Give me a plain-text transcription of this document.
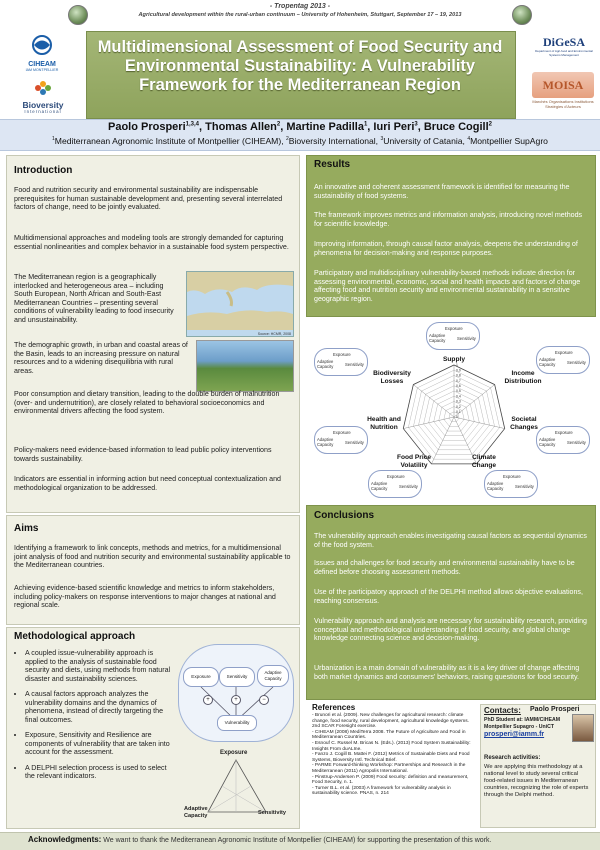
- Tropentag 2013 -
Agricultural development within the rural-urban continuum – University of Hohenheim, Stuttgart, September 17 – 19, 2013
Multidimensional Assessment of Food Security and Environmental Sustainability: A Vulnerability Framework for the Mediterranean Region
CIHEAM
IAM MONTPELLIER
Bioversity
International
DiGeSA
Department of Agri-food and Environmental Systems Management
MOISA
Marchés Organisations Institutions Stratégies d'Acteurs
Paolo Prosperi$^{1,3,4}$, Thomas Allen$^2$, Martine Padilla$^1$, Iuri Peri$^3$, Bruce Cogill$^2$
$^1$Mediterranean Agronomic Institute of Montpellier (CIHEAM), $^2$Bioversity International, $^3$University of Catania, $^4$Montpellier SupAgro
Introduction
Food and nutrition security and environmental sustainability are indispensable prerequisites for human sustainable development and, presenting several interrelated factors of change, need to be jointly evaluated.
Multidimensional approaches and modeling tools are strongly demanded for capturing essential nonlinearities and complex behavior in a sustainable food system perspective.
The Mediterranean region is a geographically interlocked and heterogeneous area – including South European, North African and South-East Mediterranean Countries – presenting several conditions of vulnerability leading to food insecurity and unsustainability.
Source: HCMR, 2008
The demographic growth, in urban and coastal areas of the Basin, leads to an increasing pressure on natural resources and to a widening disequilibria with rural areas.
Poor consumption and dietary transition, leading to the double burden of malnutrition (over- and undernutrition), are closely related to behavioral socioeconomics and environmental drivers affecting the food system.
Policy-makers need evidence-based information to lead public policy interventions towards sustainability.
Indicators are essential in informing action but need conceptual contextualization and methodological organization to be addressed.
Aims
Identifying a framework to link concepts, methods and metrics, for a multidimensional joint analysis of food and nutrition security and environmental sustainability applicable to the Mediterranean countries.
Achieving evidence-based scientific knowledge and metrics to inform stakeholders, including policy-makers on response interventions to major changes at national and regional scale.
Methodological approach
• A coupled issue-vulnerability approach is applied to the analysis of sustainable food security and diets, using methods from natural disaster and sustainability sciences.
• A causal factors approach analyzes the vulnerability domains and the dynamics of phenomena, instead of directly targeting the final outcomes.
• Exposure, Sensitivity and Resilience are components of vulnerability that are taken into account for the assessment.
• A DELPHI selection process is used to select the relevant indicators.
Exposure	Sensitivity
Adaptive Capacity
+	+	−
Vulnerability
Exposure
Adaptive Capacity	Sensitivity
Results
An innovative and coherent assessment framework is identified for measuring the sustainability of food systems.
The framework improves metrics and information analysis, introducing novel methods for scientific knowledge.
Improving information, through causal factor analysis, deepens the understanding of phenomena for decision-making and response purposes.
Participatory and multidisciplinary vulnerability-based methods indicate direction for assessing environmental, economic, social and health impacts and factors of change affecting food and nutrition security and environmental sustainability in a sensitive geographic region.
0
0,1
0,2
0,3
0,4
0,5
0,6
0,7
0,8
0,9
1
Supply
Income Distribution
Societal Changes
Climate Change
Food Price Volatility
Health and Nutrition
Biodiversity Losses
Exposure
Adaptive Capacity	Sensitivity
Exposure
Adaptive Capacity	Sensitivity
Exposure
Adaptive Capacity	Sensitivity
Exposure
Adaptive Capacity	Sensitivity
Exposure
Adaptive Capacity	Sensitivity
Exposure
Adaptive Capacity	Sensitivity
Exposure
Adaptive Capacity	Sensitivity
Conclusions
The vulnerability approach enables investigating causal factors as sequential dynamics of the food system.
Issues and challenges for food security and environmental sustainability have to be defined before choosing assessment methods.
Use of the participatory approach of the DELPHI method allows objective evaluations, reaching consensus.
Vulnerability approach and analysis are necessary for sustainability research, providing conceptual and methodological understanding of food security, and global change knowledge connecting science and decision-making.
Urbanization is a main domain of vulnerability as it is a key driver of change affecting both market dynamics and consumers' behaviors, raising questions for food security.
References
- Brunori et al. (2009). New challenges for agricultural research: climate change, food security, rural development, agricultural knowledge systems. 2nd SCAR Foresight exercise.
- CIHEAM (2008) MediTerra 2008. The Future of Agriculture and Food in Mediterranean Countries.
- Esnouf C. Russel M. Bricas N. (Eds.). (2013) Food System Sustainability: Insights From duALIne.
- Fanzo J. Cogill B. Mattei F. (2012) Metrics of Sustainable Diets and Food Systems, Bioversity Intl. Technical Brief.
- PARME Forward-thinking Workshop: Partnerships and Research in the Mediterranean (2011) Agropolis International.
- Pinstrup-Andersen P. (2009) Food security: definition and measurement, Food Security, n. 1.
- Turner B.L. et al. (2003) A framework for vulnerability analysis in sustainability science. PNAS, n. 214
Contacts: Paolo Prosperi
PhD Student at: IAMM/CIHEAM
Montpellier Supagro - UniCT
prosperi@iamm.fr
Research activities:
We are applying this methodology at a national level to study several critical food-related issues in Mediterranean countries, recognizing the role of experts through the Delphi method.
Acknowledgments: We want to thank the Mediterranean Agronomic Institute of Montpellier (CIHEAM) for supporting the presentation of this work.
